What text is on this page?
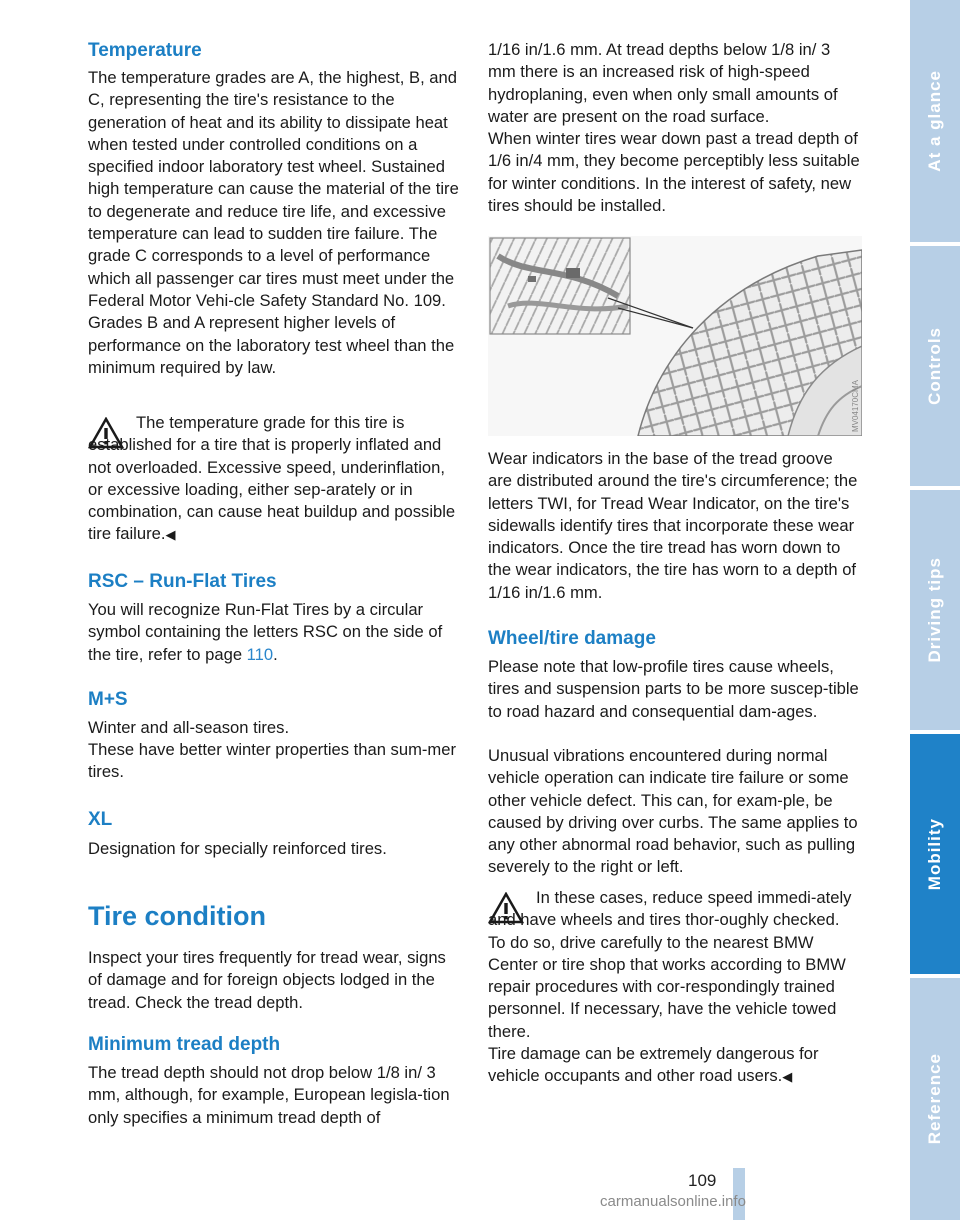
Temperature

The temperature grades are A, the highest, B, and C, representing the tire's resistance to the generation of heat and its ability to dissipate heat when tested under controlled conditions on a specified indoor laboratory test wheel. Sustained high temperature can cause the material of the tire to degenerate and reduce tire life, and excessive temperature can lead to sudden tire failure. The grade C corresponds to a level of performance which all passenger car tires must meet under the Federal Motor Vehi-cle Safety Standard No. 109. Grades B and A represent higher levels of performance on the laboratory test wheel than the minimum required by law.

The temperature grade for this tire is established for a tire that is properly inflated and not overloaded. Excessive speed, underinflation, or excessive loading, either sep-arately or in combination, can cause heat buildup and possible tire failure.◀

RSC – Run-Flat Tires

You will recognize Run-Flat Tires by a circular symbol containing the letters RSC on the side of the tire, refer to page 110.

M+S

Winter and all-season tires.

These have better winter properties than sum-mer tires.

XL

Designation for specially reinforced tires.

Tire condition

Inspect your tires frequently for tread wear, signs of damage and for foreign objects lodged in the tread. Check the tread depth.

Minimum tread depth

The tread depth should not drop below 1/8 in/ 3 mm, although, for example, European legisla-tion only specifies a minimum tread depth of

1/16 in/1.6 mm. At tread depths below 1/8 in/ 3 mm there is an increased risk of high-speed hydroplaning, even when only small amounts of water are present on the road surface.

When winter tires wear down past a tread depth of 1/6 in/4 mm, they become perceptibly less suitable for winter conditions. In the interest of safety, new tires should be installed.

Wear indicators in the base of the tread groove are distributed around the tire's circumference; the letters TWI, for Tread Wear Indicator, on the tire's sidewalls identify tires that incorporate these wear indicators. Once the tire tread has worn down to the wear indicators, the tire has worn to a depth of 1/16 in/1.6 mm.

Wheel/tire damage

Please note that low-profile tires cause wheels, tires and suspension parts to be more suscep-tible to road hazard and consequential dam-ages.

Unusual vibrations encountered during normal vehicle operation can indicate tire failure or some other vehicle defect. This can, for exam-ple, be caused by driving over curbs. The same applies to any other abnormal road behavior, such as pulling severely to the right or left.

In these cases, reduce speed immedi-ately and have wheels and tires thor-oughly checked. To do so, drive carefully to the nearest BMW Center or tire shop that works according to BMW repair procedures with cor-respondingly trained personnel. If necessary, have the vehicle towed there.

Tire damage can be extremely dangerous for vehicle occupants and other road users.◀

MV04170CMA
At a glance
Controls
Driving tips
Mobility
Reference
109
carmanualsonline.info
